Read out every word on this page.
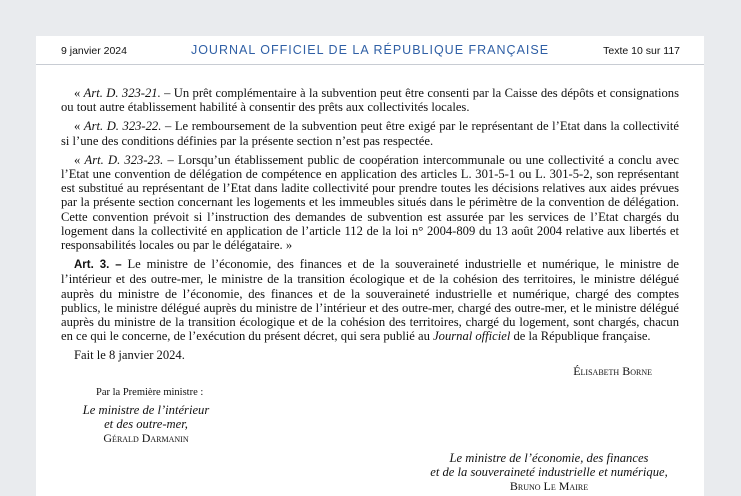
9 janvier 2024	JOURNAL OFFICIEL DE LA RÉPUBLIQUE FRANÇAISE	Texte 10 sur 117

« Art. D. 323-21. – Un prêt complémentaire à la subvention peut être consenti par la Caisse des dépôts et consignations ou tout autre établissement habilité à consentir des prêts aux collectivités locales.

« Art. D. 323-22. – Le remboursement de la subvention peut être exigé par le représentant de l’Etat dans la collectivité si l’une des conditions définies par la présente section n’est pas respectée.

« Art. D. 323-23. – Lorsqu’un établissement public de coopération intercommunale ou une collectivité a conclu avec l’Etat une convention de délégation de compétence en application des articles L. 301-5-1 ou L. 301-5-2, son représentant est substitué au représentant de l’Etat dans ladite collectivité pour prendre toutes les décisions relatives aux aides prévues par la présente section concernant les logements et les immeubles situés dans le périmètre de la convention de délégation. Cette convention prévoit si l’instruction des demandes de subvention est assurée par les services de l’Etat chargés du logement dans la collectivité en application de l’article 112 de la loi n° 2004-809 du 13 août 2004 relative aux libertés et responsabilités locales ou par le délégataire. »

Art. 3. – Le ministre de l’économie, des finances et de la souveraineté industrielle et numérique, le ministre de l’intérieur et des outre-mer, le ministre de la transition écologique et de la cohésion des territoires, le ministre délégué auprès du ministre de l’économie, des finances et de la souveraineté industrielle et numérique, chargé des comptes publics, le ministre délégué auprès du ministre de l’intérieur et des outre-mer, chargé des outre-mer, et le ministre délégué auprès du ministre de la transition écologique et de la cohésion des territoires, chargé du logement, sont chargés, chacun en ce qui le concerne, de l’exécution du présent décret, qui sera publié au Journal officiel de la République française.

Fait le 8 janvier 2024.

Élisabeth Borne
Par la Première ministre :
Le ministre de l’intérieur
et des outre-mer,
Gérald Darmanin
Le ministre de l’économie, des finances
et de la souveraineté industrielle et numérique,
Bruno Le Maire
